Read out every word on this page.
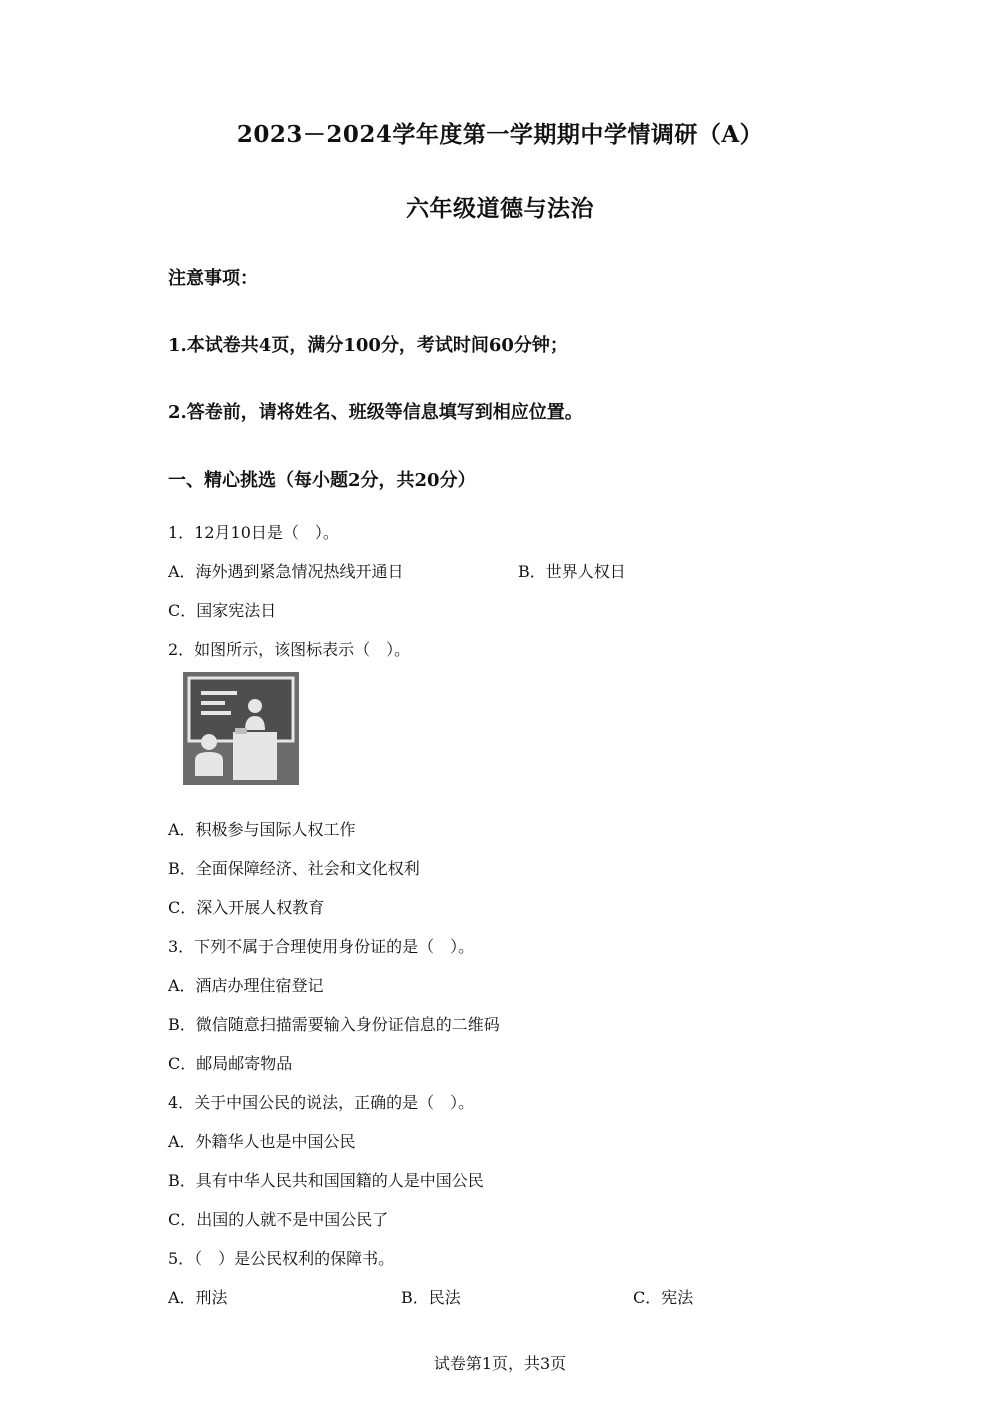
2023－2024学年度第一学期期中学情调研（A）
六年级道德与法治
注意事项：
1.本试卷共4页，满分100分，考试时间60分钟；
2.答卷前，请将姓名、班级等信息填写到相应位置。
一、精心挑选（每小题2分，共20分）
1．12月10日是（　）。
A．海外遇到紧急情况热线开通日	B．世界人权日
C．国家宪法日
2．如图所示，该图标表示（　）。
A．积极参与国际人权工作
B．全面保障经济、社会和文化权利
C．深入开展人权教育
3．下列不属于合理使用身份证的是（　）。
A．酒店办理住宿登记
B．微信随意扫描需要输入身份证信息的二维码
C．邮局邮寄物品
4．关于中国公民的说法，正确的是（　）。
A．外籍华人也是中国公民
B．具有中华人民共和国国籍的人是中国公民
C．出国的人就不是中国公民了
5．（　）是公民权利的保障书。
A．刑法	B．民法	C．宪法
试卷第1页，共3页
